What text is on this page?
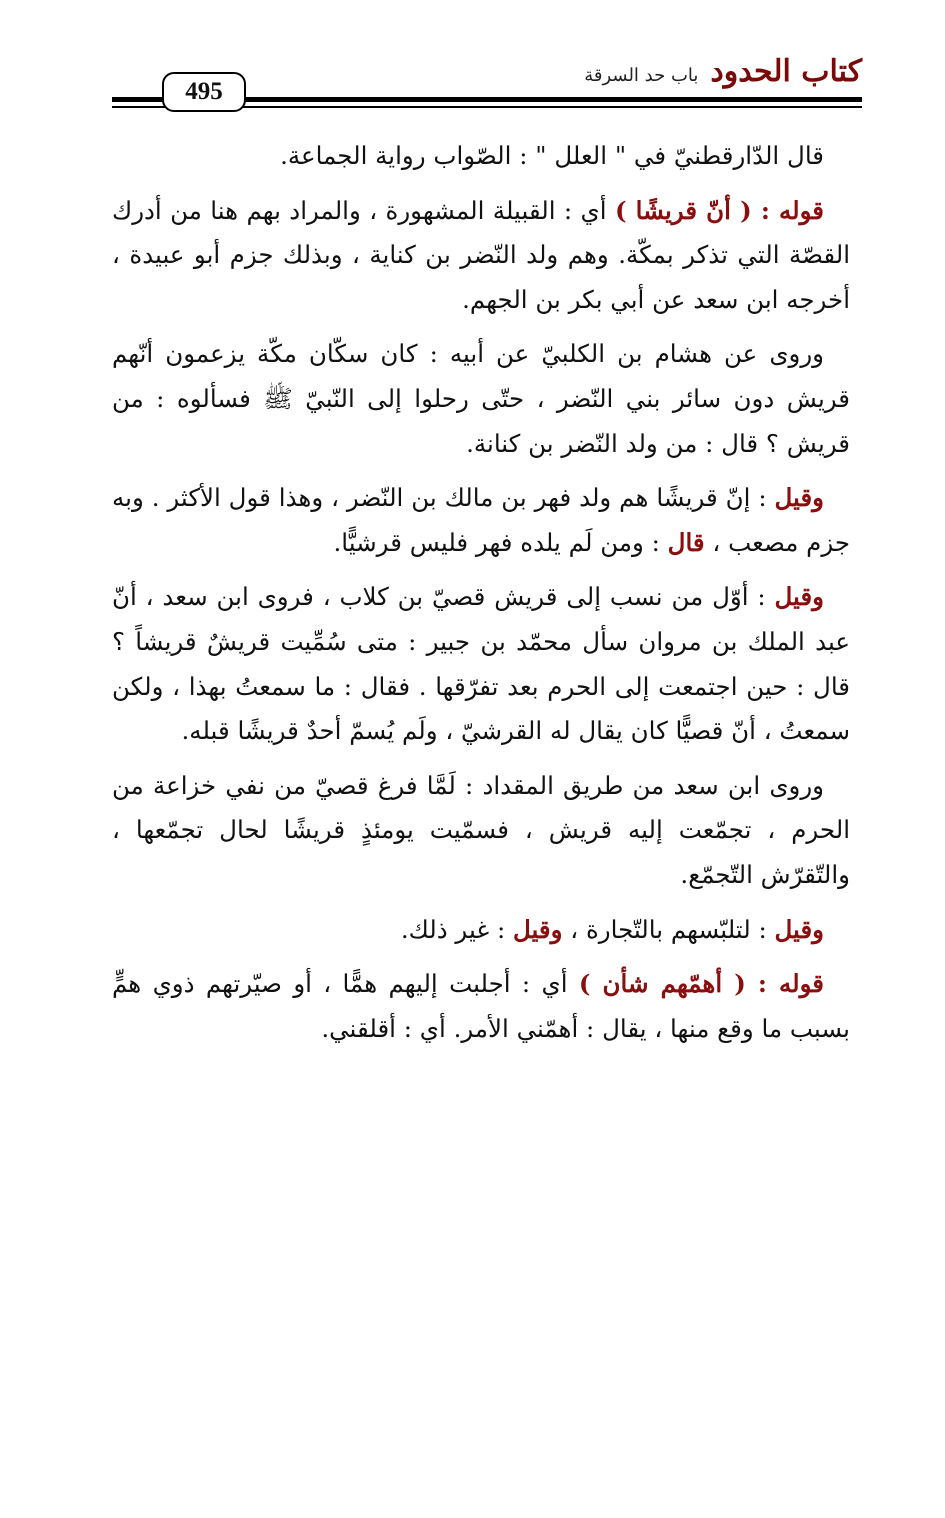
كتاب الحدودباب حد السرقة
495

قال الدّارقطنيّ في " العلل " : الصّواب رواية الجماعة.

قوله : ( أنّ قريشًا ) أي : القبيلة المشهورة ، والمراد بهم هنا من أدرك القصّة التي تذكر بمكّة. وهم ولد النّضر بن كناية ، وبذلك جزم أبو عبيدة ، أخرجه ابن سعد عن أبي بكر بن الجهم.

وروى عن هشام بن الكلبيّ عن أبيه : كان سكّان مكّة يزعمون أنّهم قريش دون سائر بني النّضر ، حتّى رحلوا إلى النّبيّ ﷺ فسألوه : من قريش ؟ قال : من ولد النّضر بن كنانة.

وقيل : إنّ قريشًا هم ولد فهر بن مالك بن النّضر ، وهذا قول الأكثر . وبه جزم مصعب ، قال : ومن لَم يلده فهر فليس قرشيًّا.

وقيل : أوّل من نسب إلى قريش قصيّ بن كلاب ، فروى ابن سعد ، أنّ عبد الملك بن مروان سأل محمّد بن جبير : متى سُمِّيت قريشٌ قريشاً ؟ قال : حين اجتمعت إلى الحرم بعد تفرّقها . فقال : ما سمعتُ بهذا ، ولكن سمعتُ ، أنّ قصيًّا كان يقال له القرشيّ ، ولَم يُسمّ أحدٌ قريشًا قبله.

وروى ابن سعد من طريق المقداد : لَمَّا فرغ قصيّ من نفي خزاعة من الحرم ، تجمّعت إليه قريش ، فسمّيت يومئذٍ قريشًا لحال تجمّعها ، والتّقرّش التّجمّع.

وقيل : لتلبّسهم بالتّجارة ، وقيل : غير ذلك.

قوله : ( أهمّهم شأن ) أي : أجلبت إليهم همًّا ، أو صيّرتهم ذوي همٍّ بسبب ما وقع منها ، يقال : أهمّني الأمر. أي : أقلقني.
